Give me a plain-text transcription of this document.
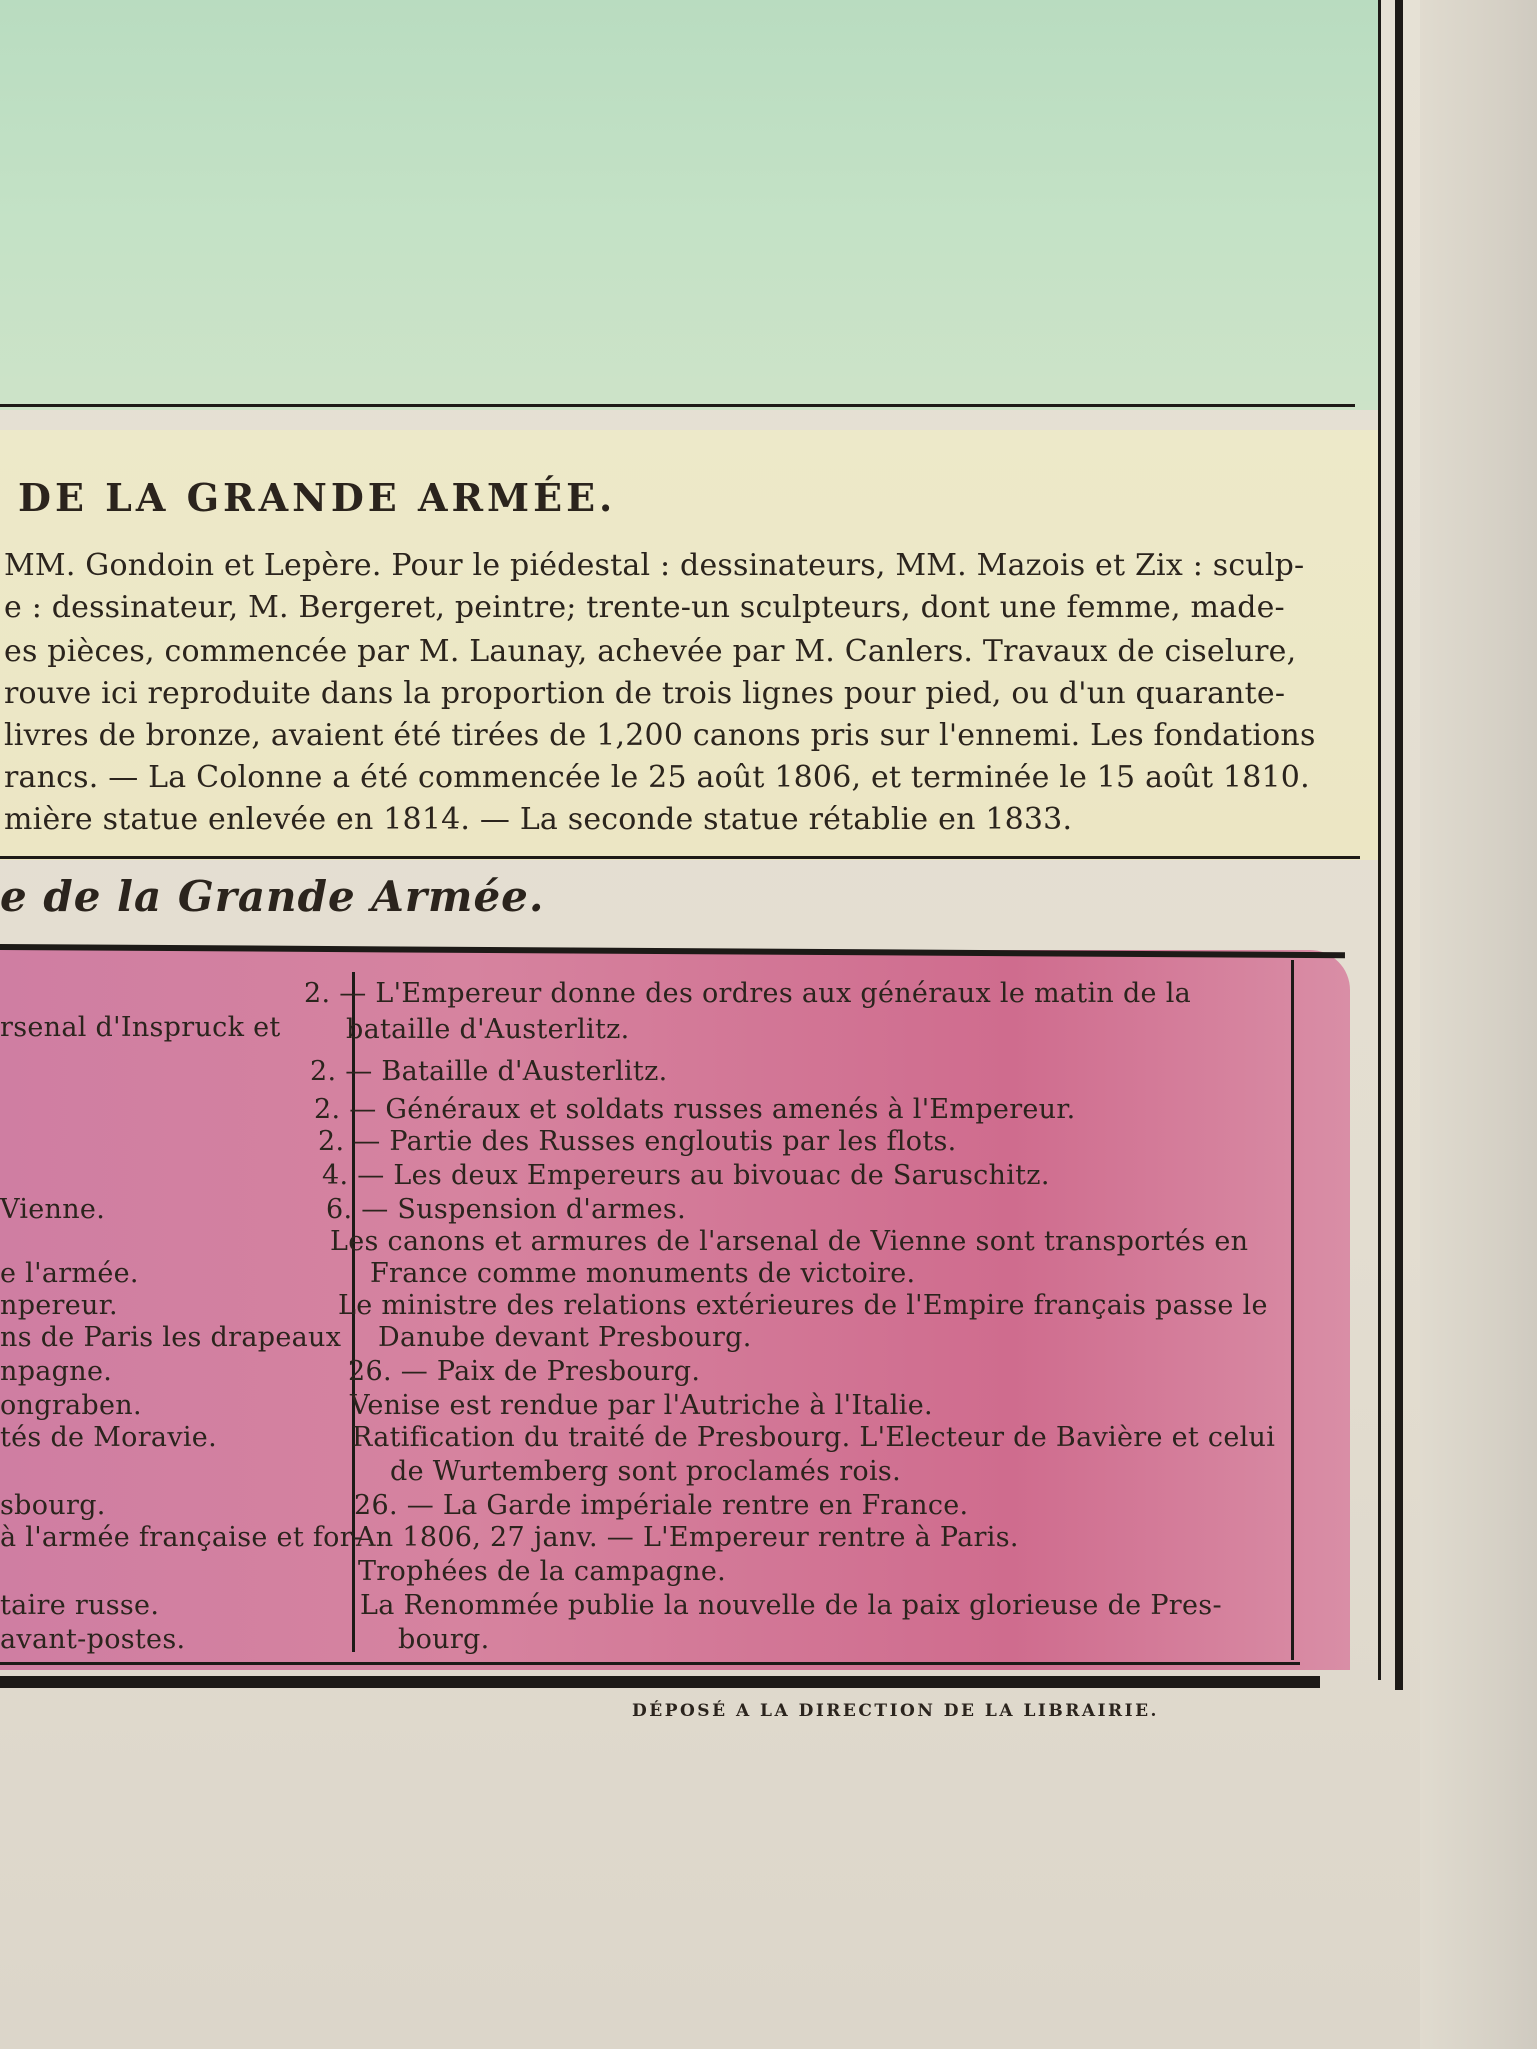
DE LA GRANDE ARMÉE.
MM. Gondoin et Lepère. Pour le piédestal : dessinateurs, MM. Mazois et Zix : sculp-
e : dessinateur, M. Bergeret, peintre; trente-un sculpteurs, dont une femme, made-
es pièces, commencée par M. Launay, achevée par M. Canlers. Travaux de ciselure,
rouve ici reproduite dans la proportion de trois lignes pour pied, ou d'un quarante-
livres de bronze, avaient été tirées de 1,200 canons pris sur l'ennemi. Les fondations
rancs. — La Colonne a été commencée le 25 août 1806, et terminée le 15 août 1810.
mière statue enlevée en 1814. — La seconde statue rétablie en 1833.
e de la Grande Armée.
rsenal d'Inspruck et
Vienne.
e l'armée.
npereur.
ns de Paris les drapeaux
npagne.
ongraben.
tés de Moravie.
sbourg.
à l'armée française et for-
taire russe.
avant-postes.
2. — L'Empereur donne des ordres aux généraux le matin de la
bataille d'Austerlitz.
2. — Bataille d'Austerlitz.
2. — Généraux et soldats russes amenés à l'Empereur.
2. — Partie des Russes engloutis par les flots.
4. — Les deux Empereurs au bivouac de Saruschitz.
6. — Suspension d'armes.
Les canons et armures de l'arsenal de Vienne sont transportés en
France comme monuments de victoire.
Le ministre des relations extérieures de l'Empire français passe le
Danube devant Presbourg.
26. — Paix de Presbourg.
Venise est rendue par l'Autriche à l'Italie.
Ratification du traité de Presbourg. L'Electeur de Bavière et celui
de Wurtemberg sont proclamés rois.
26. — La Garde impériale rentre en France.
An 1806, 27 janv. — L'Empereur rentre à Paris.
Trophées de la campagne.
La Renommée publie la nouvelle de la paix glorieuse de Pres-
bourg.
DÉPOSÉ A LA DIRECTION DE LA LIBRAIRIE.
